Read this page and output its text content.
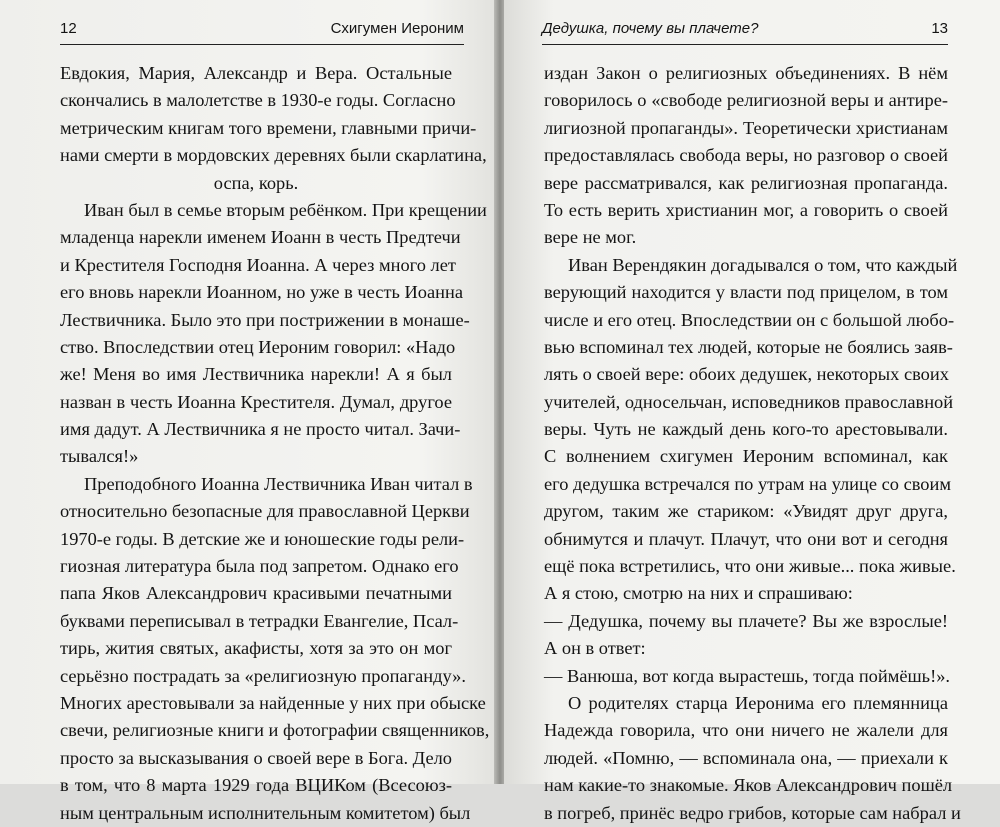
12	Схигумен Иероним
Евдокия, Мария, Александр и Вера. Остальные
скончались в малолетстве в 1930-е годы. Согласно
метрическим книгам того времени, главными причи-
нами смерти в мордовских деревнях были скарлатина,
оспа, корь.
Иван был в семье вторым ребёнком. При крещении
младенца нарекли именем Иоанн в честь Предтечи
и Крестителя Господня Иоанна. А через много лет
его вновь нарекли Иоанном, но уже в честь Иоанна
Лествичника. Было это при пострижении в монаше-
ство. Впоследствии отец Иероним говорил: «Надо
же! Меня во имя Лествичника нарекли! А я был
назван в честь Иоанна Крестителя. Думал, другое
имя дадут. А Лествичника я не просто читал. Зачи-
тывался!»
Преподобного Иоанна Лествичника Иван читал в
относительно безопасные для православной Церкви
1970-е годы. В детские же и юношеские годы рели-
гиозная литература была под запретом. Однако его
папа Яков Александрович красивыми печатными
буквами переписывал в тетрадки Евангелие, Псал-
тирь, жития святых, акафисты, хотя за это он мог
серьёзно пострадать за «религиозную пропаганду».
Многих арестовывали за найденные у них при обыске
свечи, религиозные книги и фотографии священников,
просто за высказывания о своей вере в Бога. Дело
в том, что 8 марта 1929 года ВЦИКом (Всесоюз-
ным центральным исполнительным комитетом) был
Дедушка, почему вы плачете?	13
издан Закон о религиозных объединениях. В нём
говорилось о «свободе религиозной веры и антире-
лигиозной пропаганды». Теоретически христианам
предоставлялась свобода веры, но разговор о своей
вере рассматривался, как религиозная пропаганда.
То есть верить христианин мог, а говорить о своей
вере не мог.
Иван Верендякин догадывался о том, что каждый
верующий находится у власти под прицелом, в том
числе и его отец. Впоследствии он с большой любо-
вью вспоминал тех людей, которые не боялись заяв-
лять о своей вере: обоих дедушек, некоторых своих
учителей, односельчан, исповедников православной
веры. Чуть не каждый день кого-то арестовывали.
С волнением схигумен Иероним вспоминал, как
его дедушка встречался по утрам на улице со своим
другом, таким же стариком: «Увидят друг друга,
обнимутся и плачут. Плачут, что они вот и сегодня
ещё пока встретились, что они живые... пока живые.
А я стою, смотрю на них и спрашиваю:
— Дедушка, почему вы плачете? Вы же взрослые!
А он в ответ:
— Ванюша, вот когда вырастешь, тогда поймёшь!».
О родителях старца Иеронима его племянница
Надежда говорила, что они ничего не жалели для
людей. «Помню, — вспоминала она, — приехали к
нам какие-то знакомые. Яков Александрович пошёл
в погреб, принёс ведро грибов, которые сам набрал и
